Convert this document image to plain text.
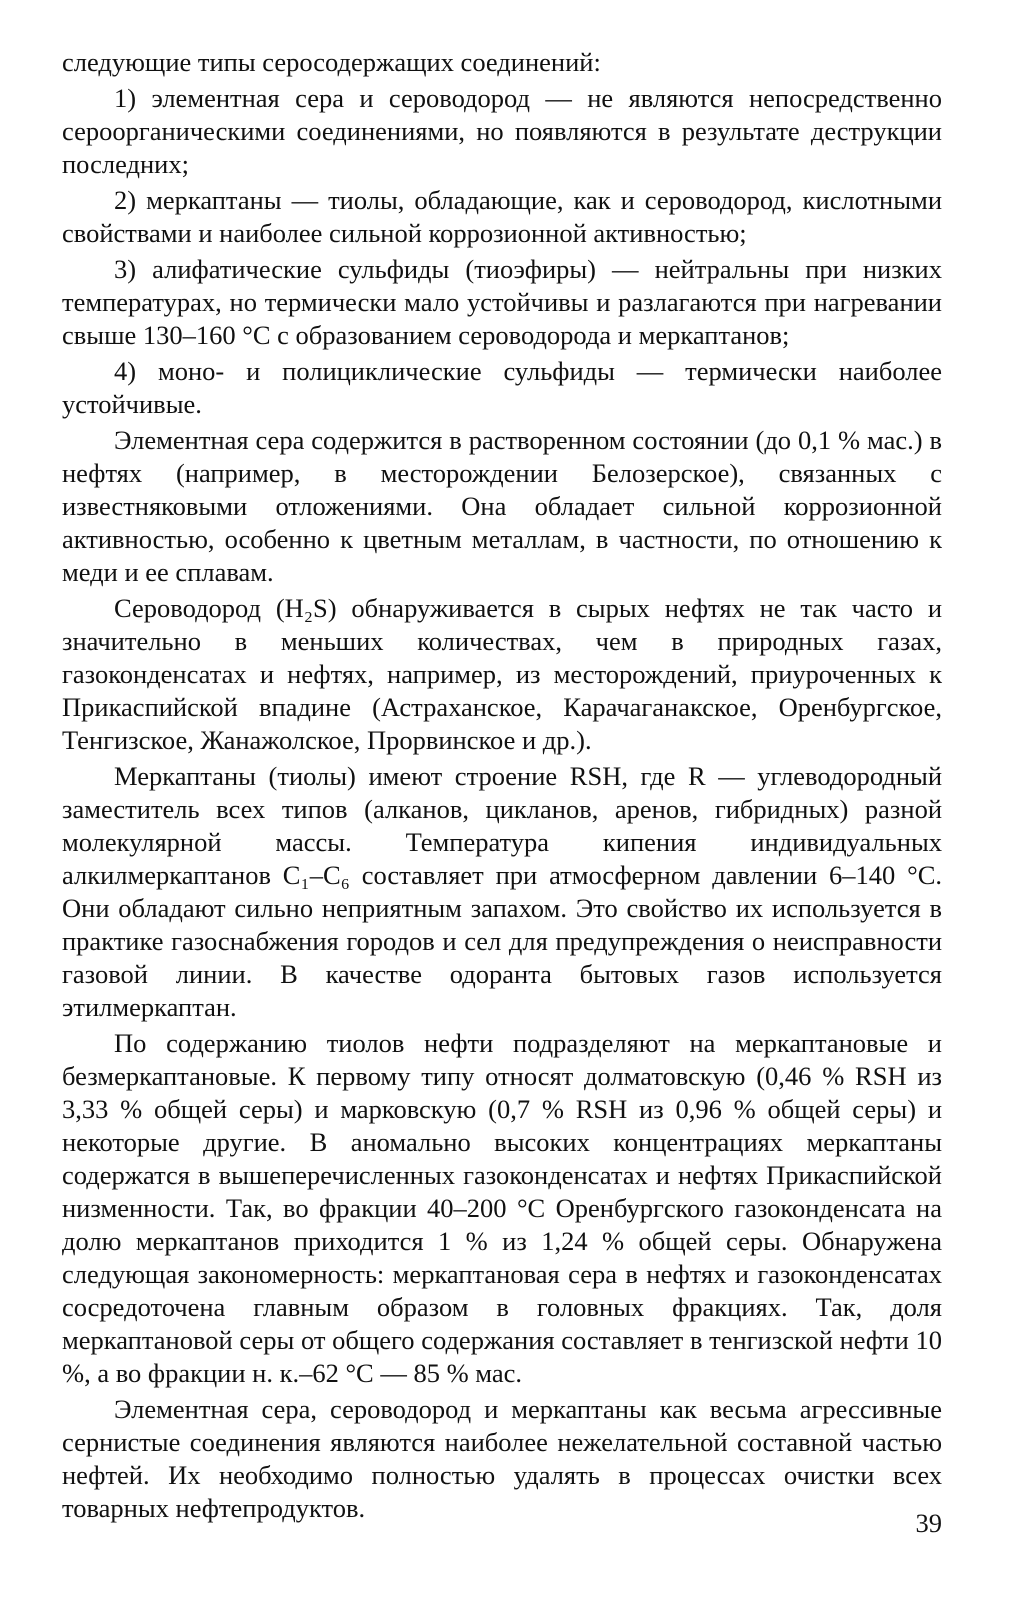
следующие типы серосодержащих соединений:

1) элементная сера и сероводород — не являются непосредственно сероорганическими соединениями, но появляются в результате деструкции последних;

2) меркаптаны — тиолы, обладающие, как и сероводород, кислотными свойствами и наиболее сильной коррозионной активностью;

3) алифатические сульфиды (тиоэфиры) — нейтральны при низких температурах, но термически мало устойчивы и разлагаются при нагревании свыше 130–160 °С с образованием сероводорода и меркаптанов;

4) моно- и полициклические сульфиды — термически наиболее устойчивые.

Элементная сера содержится в растворенном состоянии (до 0,1 % мас.) в нефтях (например, в месторождении Белозерское), связанных с известняковыми отложениями. Она обладает сильной коррозионной активностью, особенно к цветным металлам, в частности, по отношению к меди и ее сплавам.

Сероводород (H₂S) обнаруживается в сырых нефтях не так часто и значительно в меньших количествах, чем в природных газах, газоконденсатах и нефтях, например, из месторождений, приуроченных к Прикаспийской впадине (Астраханское, Карачаганакское, Оренбургское, Тенгизское, Жанажолское, Прорвинское и др.).

Меркаптаны (тиолы) имеют строение RSH, где R — углеводородный заместитель всех типов (алканов, цикланов, аренов, гибридных) разной молекулярной массы. Температура кипения индивидуальных алкилмеркаптанов C₁–C₆ составляет при атмосферном давлении 6–140 °С. Они обладают сильно неприятным запахом. Это свойство их используется в практике газоснабжения городов и сел для предупреждения о неисправности газовой линии. В качестве одоранта бытовых газов используется этилмеркаптан.

По содержанию тиолов нефти подразделяют на меркаптановые и безмеркаптановые. К первому типу относят долматовскую (0,46 % RSH из 3,33 % общей серы) и марковскую (0,7 % RSH из 0,96 % общей серы) и некоторые другие. В аномально высоких концентрациях меркаптаны содержатся в вышеперечисленных газоконденсатах и нефтях Прикаспийской низменности. Так, во фракции 40–200 °С Оренбургского газоконденсата на долю меркаптанов приходится 1 % из 1,24 % общей серы. Обнаружена следующая закономерность: меркаптановая сера в нефтях и газоконденсатах сосредоточена главным образом в головных фракциях. Так, доля меркаптановой серы от общего содержания составляет в тенгизской нефти 10 %, а во фракции н. к.–62 °С — 85 % мас.

Элементная сера, сероводород и меркаптаны как весьма агрессивные сернистые соединения являются наиболее нежелательной составной частью нефтей. Их необходимо полностью удалять в процессах очистки всех товарных нефтепродуктов.	39
